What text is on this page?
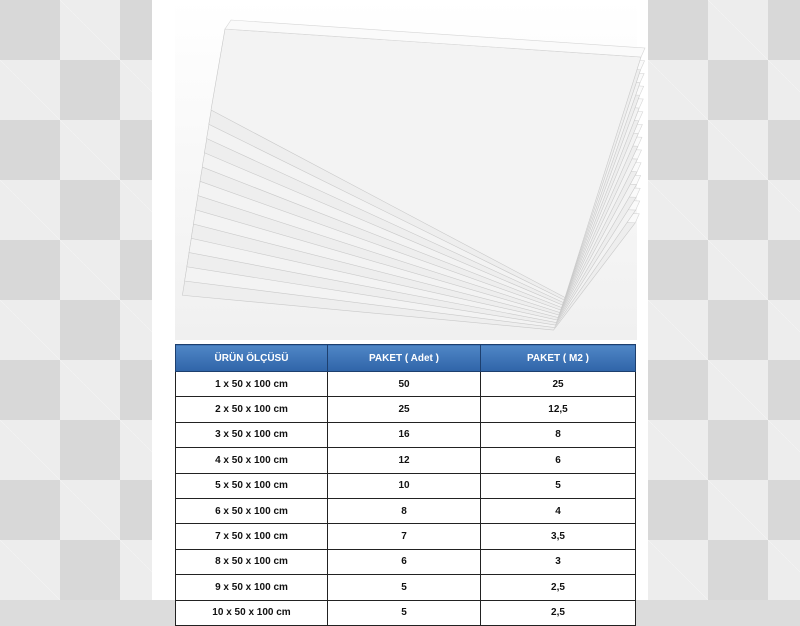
ÜRÜN ÖLÇÜSÜ	PAKET ( Adet )	PAKET ( M2 )
1 x 50 x 100 cm	50	25
2 x 50 x 100 cm	25	12,5
3 x 50 x 100 cm	16	8
4 x 50 x 100 cm	12	6
5 x 50 x 100 cm	10	5
6 x 50 x 100 cm	8	4
7 x 50 x 100 cm	7	3,5
8 x 50 x 100 cm	6	3
9 x 50 x 100 cm	5	2,5
10 x 50 x 100 cm	5	2,5
